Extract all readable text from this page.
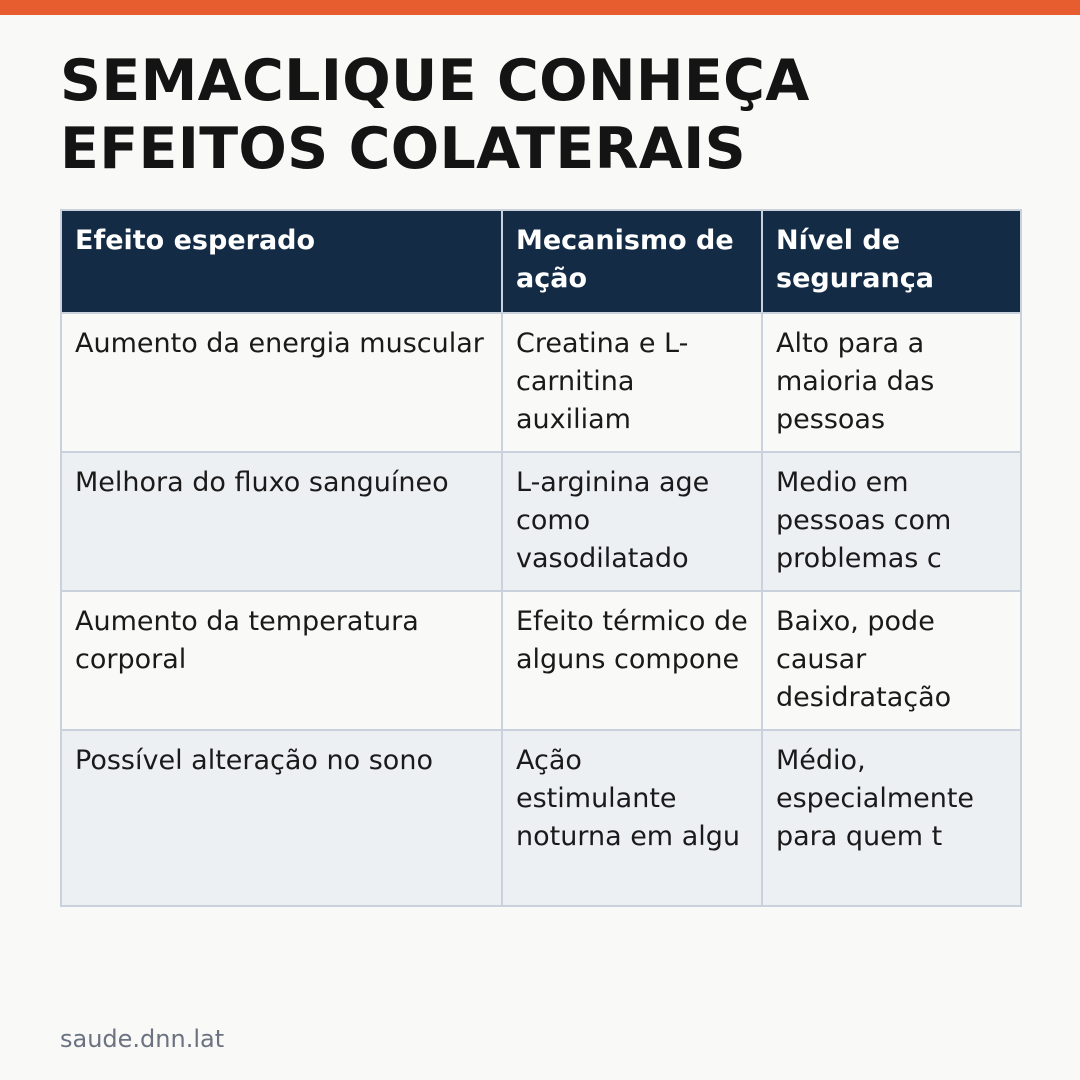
SEMACLIQUE CONHEÇA
EFEITOS COLATERAIS
Efeito esperado	Mecanismo de ação	Nível de segurança
Aumento da energia muscular	Creatina e L-carnitina auxiliam	Alto para a maioria das pessoas
Melhora do fluxo sanguíneo	L-arginina age como vasodilatado	Medio em pessoas com problemas c
Aumento da temperatura corporal	Efeito térmico de alguns compone	Baixo, pode causar desidratação
Possível alteração no sono	Ação estimulante noturna em algu	Médio, especialmente para quem t
saude.dnn.lat
